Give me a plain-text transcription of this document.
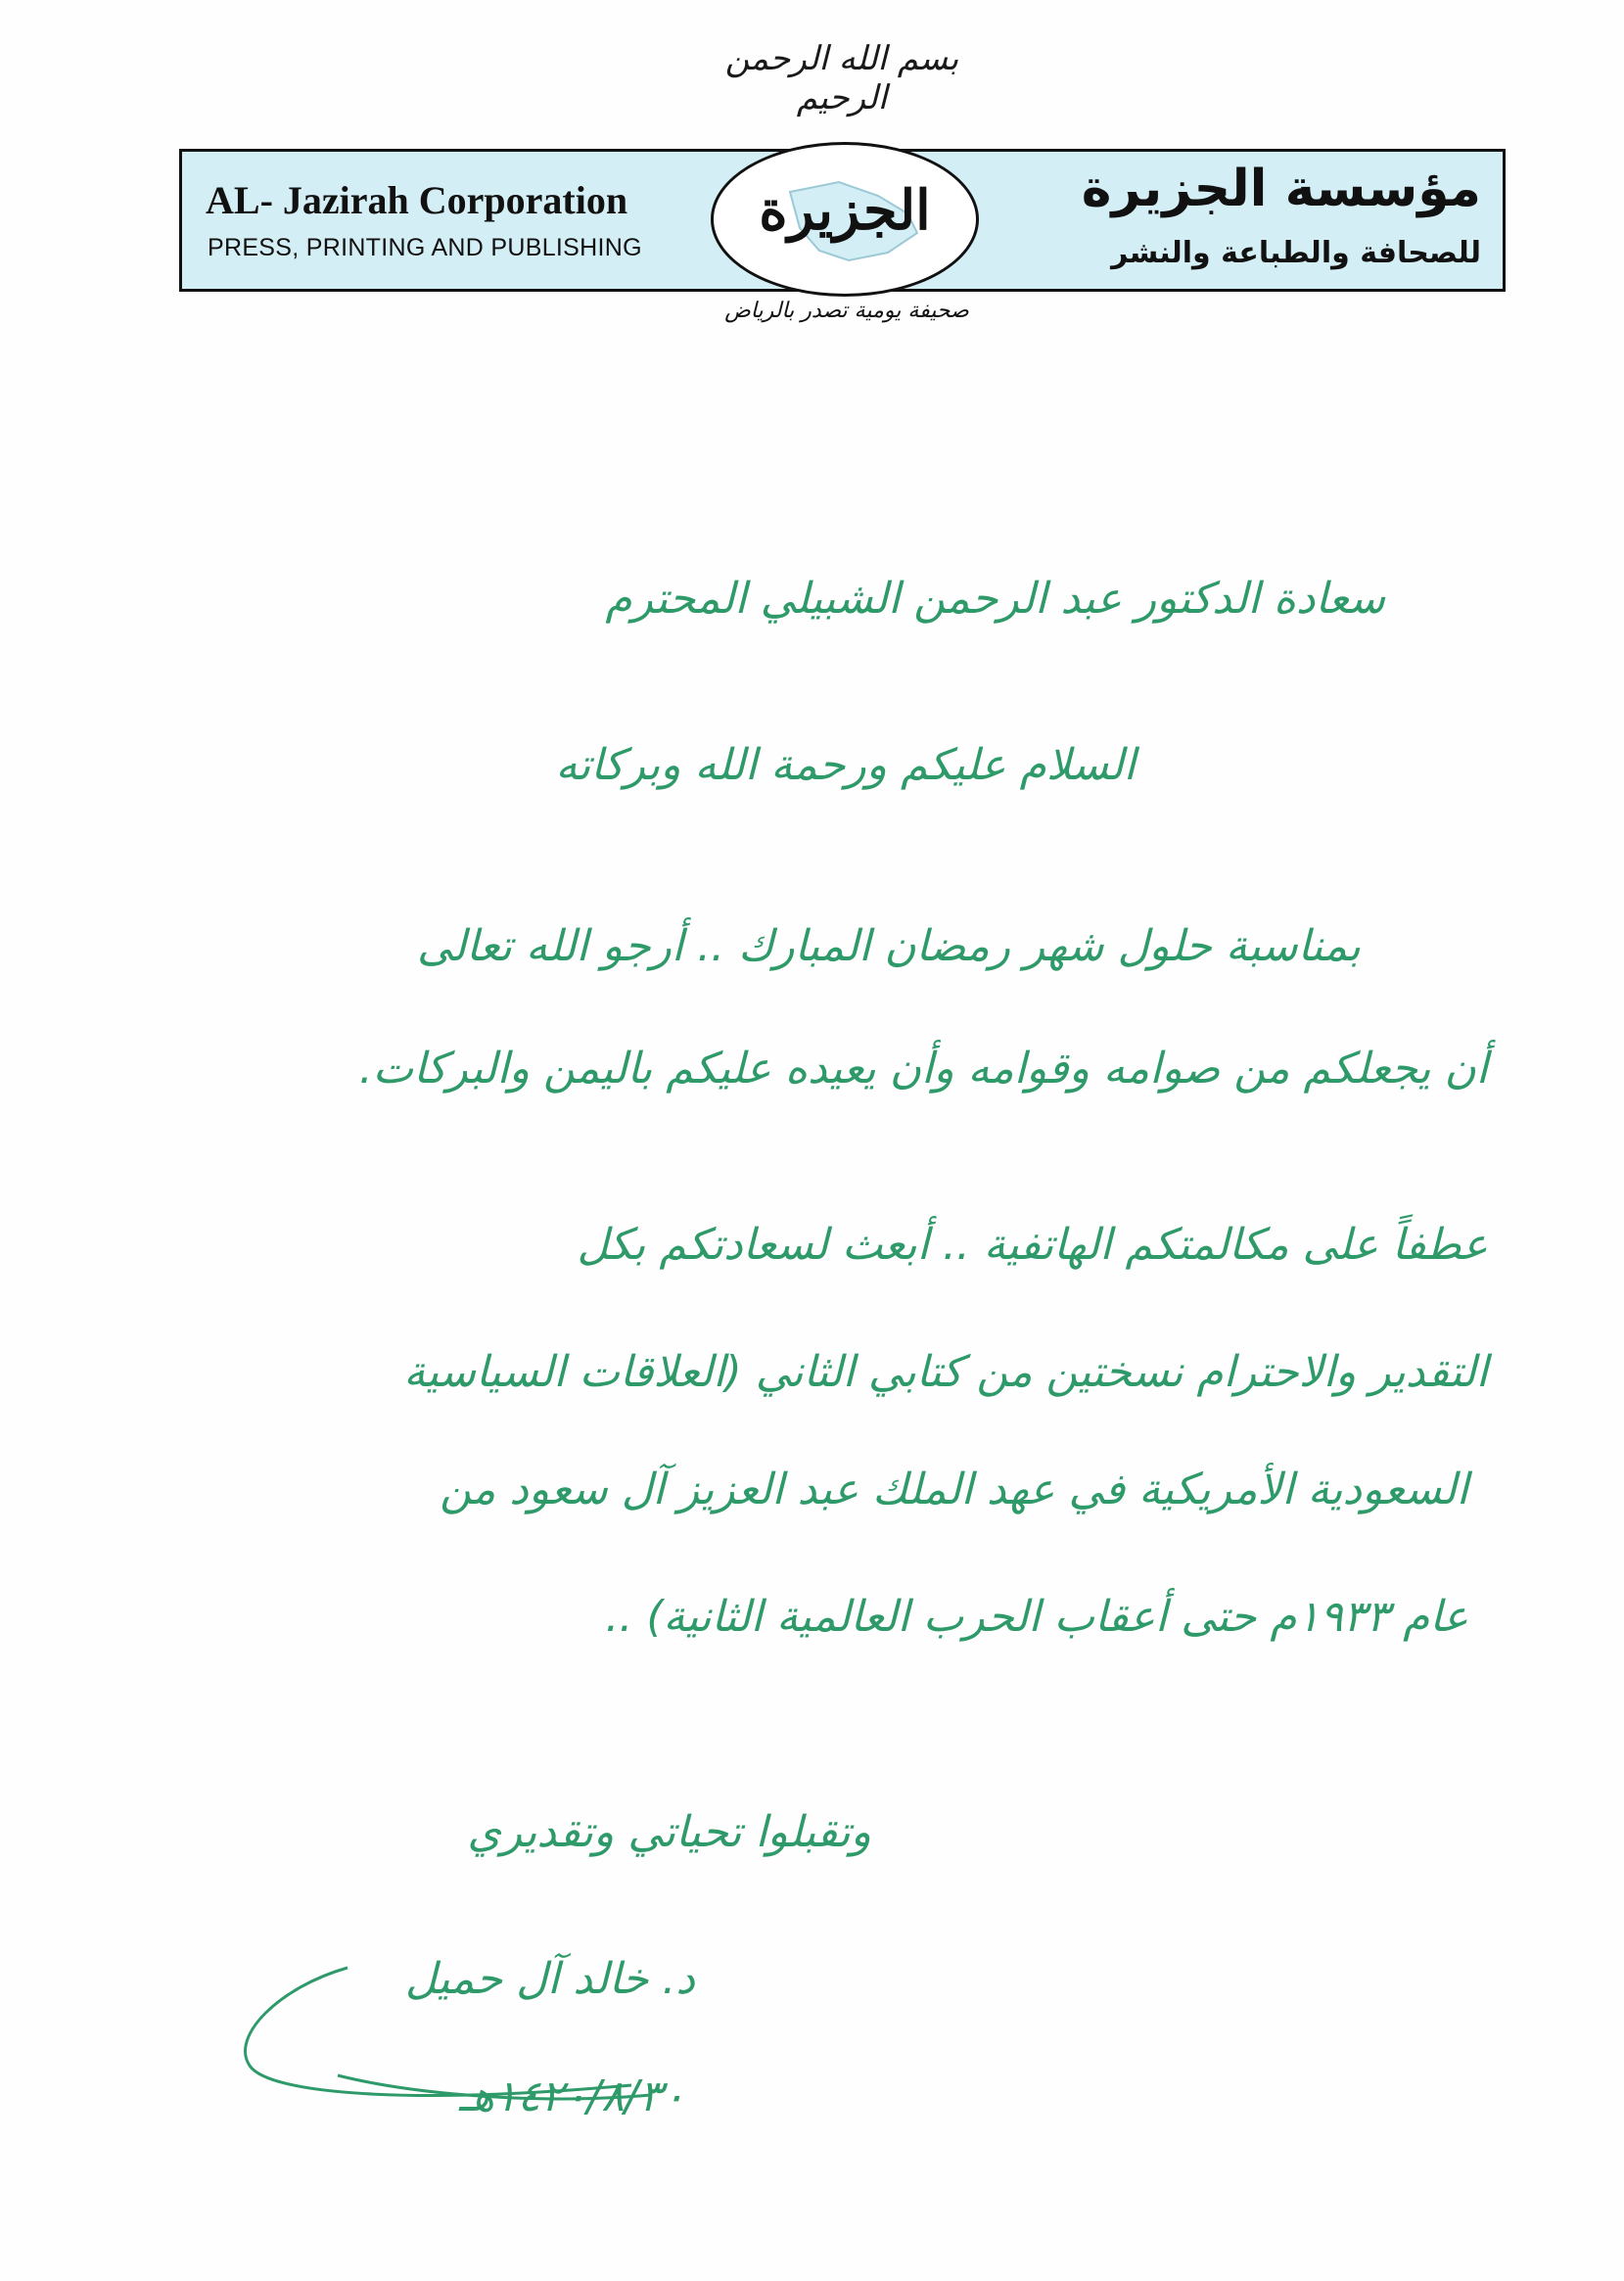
بسم الله الرحمن الرحيم
AL- Jazirah Corporation
PRESS, PRINTING AND PUBLISHING
مؤسسة الجزيرة
للصحافة والطباعة والنشر
الجزيرة
صحيفة يومية تصدر بالرياض
سعادة الدكتور عبد الرحمن الشبيلي المحترم
السلام عليكم ورحمة الله وبركاته
بمناسبة حلول شهر رمضان المبارك .. أرجو الله تعالى
أن يجعلكم من صوامه وقوامه وأن يعيده عليكم باليمن والبركات.
عطفاً على مكالمتكم الهاتفية .. أبعث لسعادتكم بكل
التقدير والاحترام نسختين من كتابي الثاني (العلاقات السياسية
السعودية الأمريكية في عهد الملك عبد العزيز آل سعود من
عام ١٩٣٣م حتى أعقاب الحرب العالمية الثانية) ..
وتقبلوا تحياتي وتقديري
د. خالد آل حميل
١٤٢٠/٨/٣٠هـ
